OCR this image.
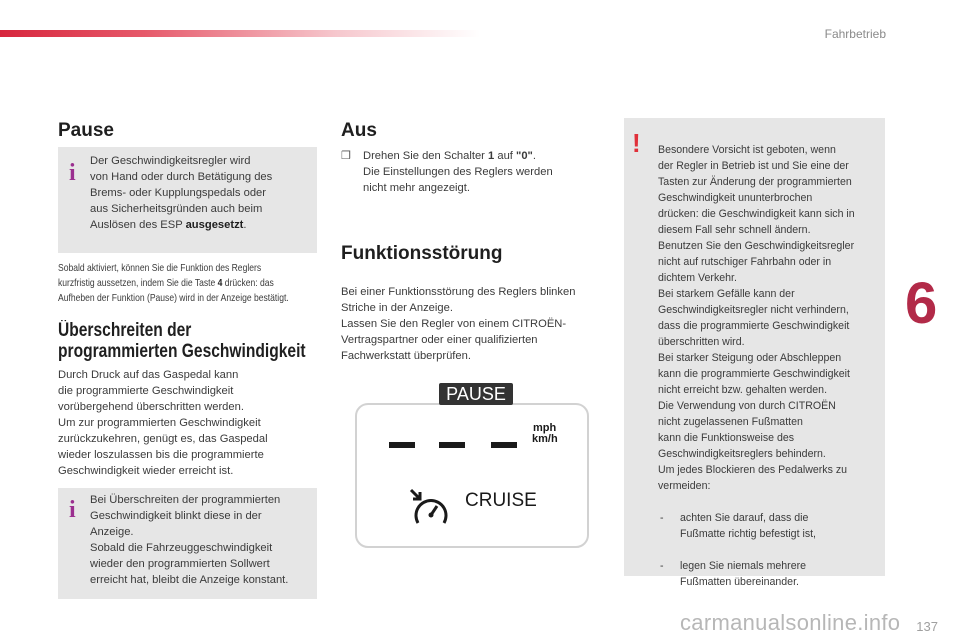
Fahrbetrieb
Pause
i Der Geschwindigkeitsregler wird
von Hand oder durch Betätigung des
Brems- oder Kupplungspedals oder
aus Sicherheitsgründen auch beim
Auslösen des ESP ausgesetzt.
Sobald aktiviert, können Sie die Funktion des Reglers
kurzfristig aussetzen, indem Sie die Taste 4 drücken: das
Aufheben der Funktion (Pause) wird in der Anzeige bestätigt.
Überschreiten der
programmierten Geschwindigkeit
Durch Druck auf das Gaspedal kann
die programmierte Geschwindigkeit
vorübergehend überschritten werden.
Um zur programmierten Geschwindigkeit
zurückzukehren, genügt es, das Gaspedal
wieder loszulassen bis die programmierte
Geschwindigkeit wieder erreicht ist.
i Bei Überschreiten der programmierten
Geschwindigkeit blinkt diese in der
Anzeige.
Sobald die Fahrzeuggeschwindigkeit
wieder den programmierten Sollwert
erreicht hat, bleibt die Anzeige konstant.
Aus
❒	Drehen Sie den Schalter 1 auf "0".
Die Einstellungen des Reglers werden
nicht mehr angezeigt.
Funktionsstörung
Bei einer Funktionsstörung des Reglers blinken
Striche in der Anzeige.
Lassen Sie den Regler von einem CITROËN-
Vertragspartner oder einer qualifizierten
Fachwerkstatt überprüfen.
PAUSE
mph
km/h
CRUISE
! Besondere Vorsicht ist geboten, wenn
der Regler in Betrieb ist und Sie eine der
Tasten zur Änderung der programmierten
Geschwindigkeit ununterbrochen
drücken: die Geschwindigkeit kann sich in
diesem Fall sehr schnell ändern.
Benutzen Sie den Geschwindigkeitsregler
nicht auf rutschiger Fahrbahn oder in
dichtem Verkehr.
Bei starkem Gefälle kann der
Geschwindigkeitsregler nicht verhindern,
dass die programmierte Geschwindigkeit
überschritten wird.
Bei starker Steigung oder Abschleppen
kann die programmierte Geschwindigkeit
nicht erreicht bzw. gehalten werden.
Die Verwendung von durch CITROËN
nicht zugelassenen Fußmatten
kann die Funktionsweise des
Geschwindigkeitsreglers behindern.
Um jedes Blockieren des Pedalwerks zu
vermeiden:

-	achten Sie darauf, dass die
Fußmatte richtig befestigt ist,

-	legen Sie niemals mehrere
Fußmatten übereinander.

6
carmanualsonline.info 137
